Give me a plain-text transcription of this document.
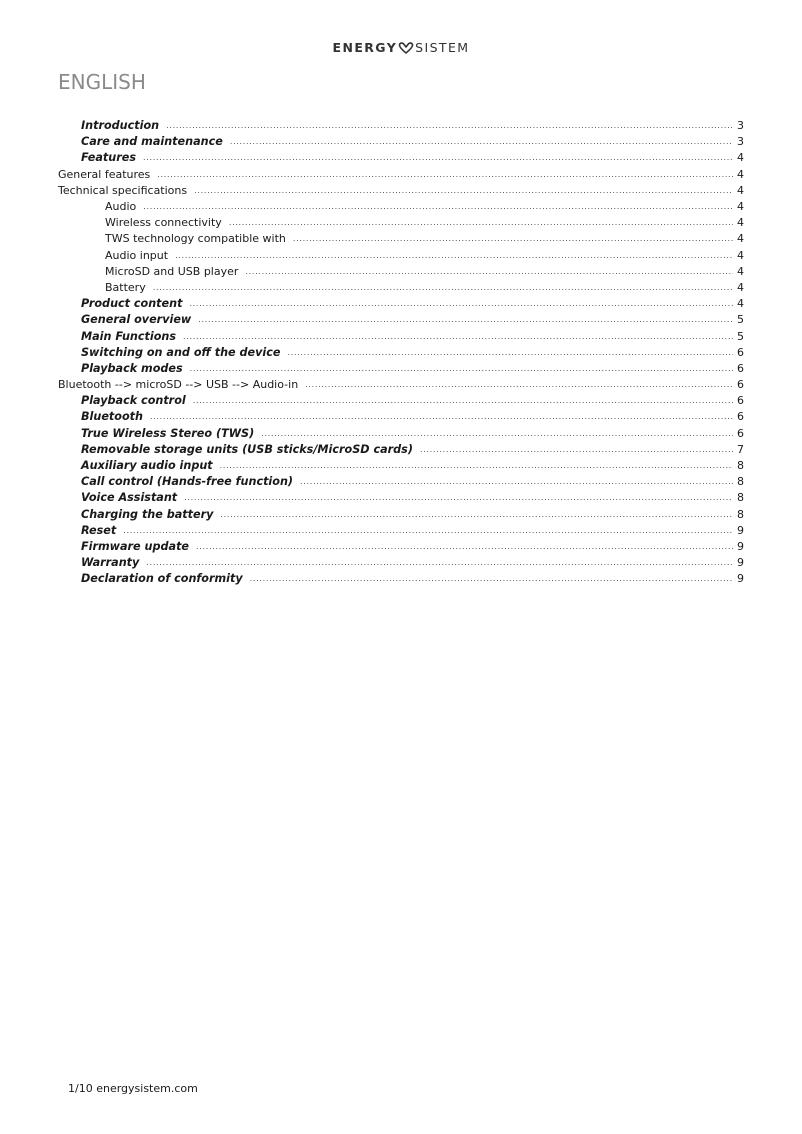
ENERGY SISTEM
ENGLISH
Introduction .....	3
Care and maintenance .....	3
Features .....	4
General features .....	4
Technical specifications .....	4
Audio .....	4
Wireless connectivity .....	4
TWS technology compatible with .....	4
Audio input .....	4
MicroSD and USB player .....	4
Battery .....	4
Product content .....	4
General overview .....	5
Main Functions .....	5
Switching on and off the device .....	6
Playback modes .....	6
Bluetooth --> microSD --> USB --> Audio-in .....	6
Playback control .....	6
Bluetooth .....	6
True Wireless Stereo (TWS) .....	6
Removable storage units (USB sticks/MicroSD cards) .....	7
Auxiliary audio input .....	8
Call control (Hands-free function) .....	8
Voice Assistant .....	8
Charging the battery .....	8
Reset .....	9
Firmware update .....	9
Warranty .....	9
Declaration of conformity .....	9
1/10 energysistem.com
